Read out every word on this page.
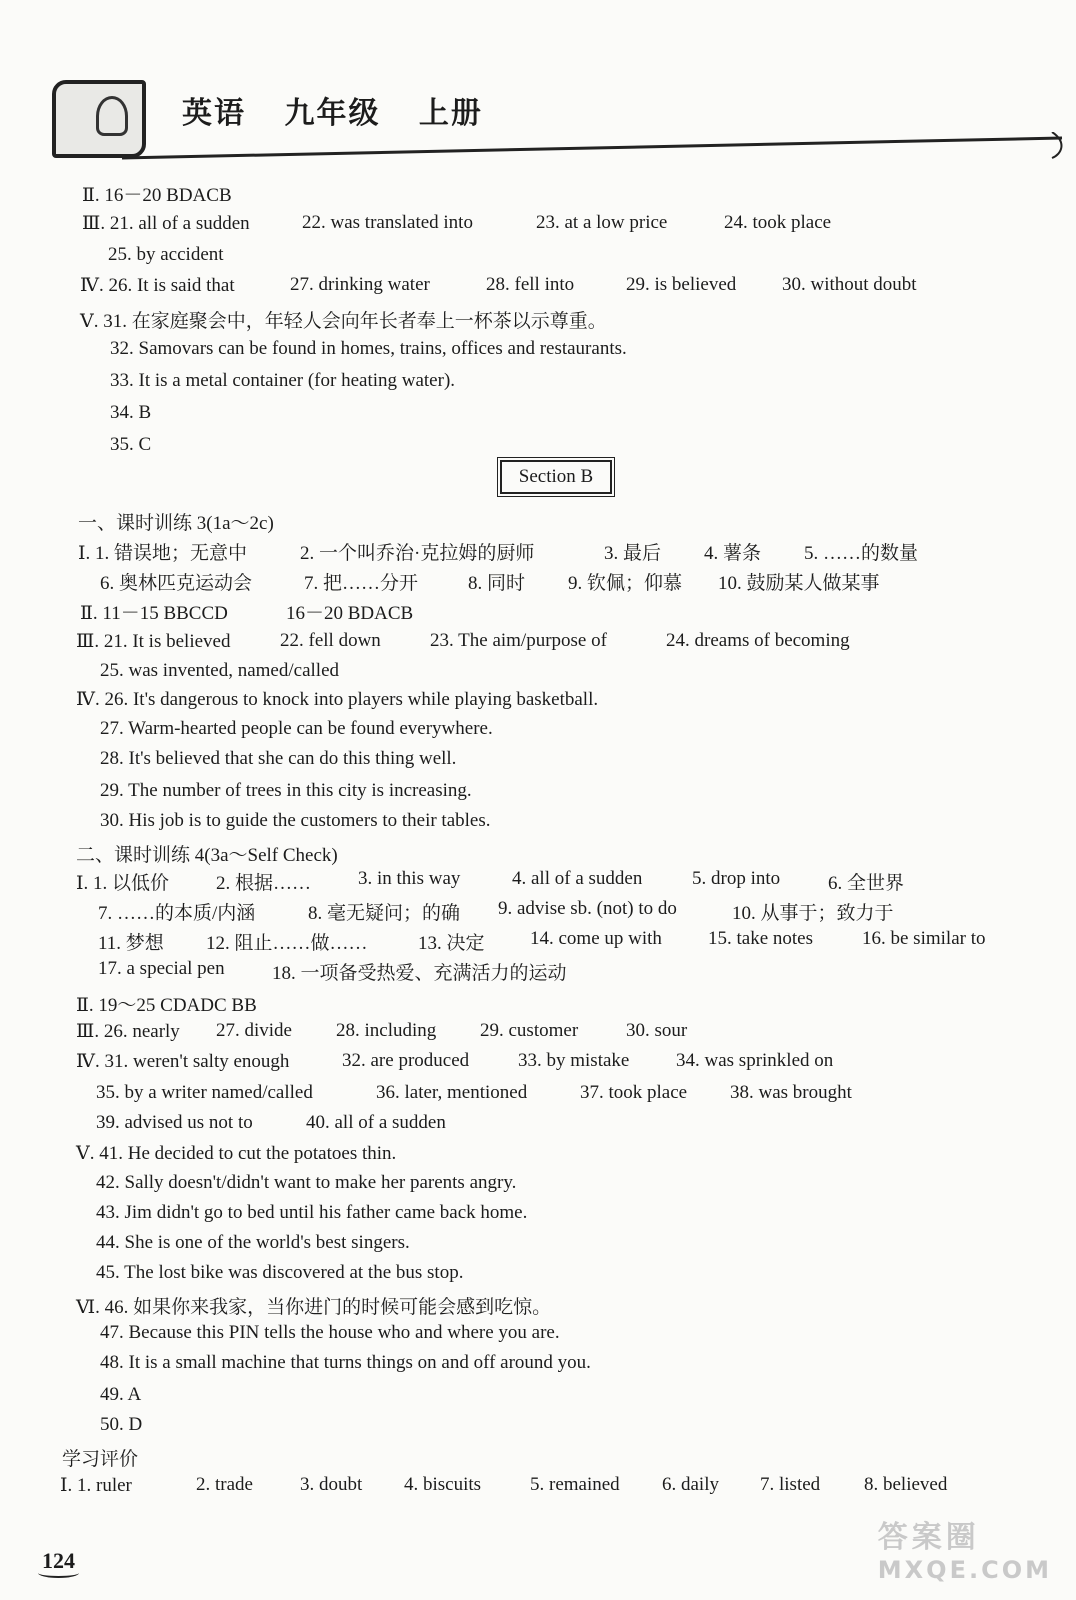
英语 九年级 上册
Section B
Ⅱ. 16－20 BDACB
Ⅲ. 21. all of a sudden	22. was translated into	23. at a low price	24. took place
25. by accident
Ⅳ. 26. It is said that	27. drinking water	28. fell into	29. is believed 30. without doubt
Ⅴ. 31. 在家庭聚会中，年轻人会向年长者奉上一杯茶以示尊重。
32. Samovars can be found in homes, trains, offices and restaurants.
33. It is a metal container (for heating water).
34. B
35. C
一、课时训练 3(1a～2c)
Ⅰ. 1. 错误地；无意中	2. 一个叫乔治·克拉姆的厨师	3. 最后 4. 薯条 5. ……的数量
6. 奥林匹克运动会	7. 把……分开	8. 同时 9. 钦佩；仰慕 10. 鼓励某人做某事
Ⅱ. 11－15 BBCCD	16－20 BDACB
Ⅲ. 21. It is believed	22. fell down	23. The aim/purpose of	24. dreams of becoming
25. was invented, named/called
Ⅳ. 26. It's dangerous to knock into players while playing basketball.
27. Warm-hearted people can be found everywhere.
28. It's believed that she can do this thing well.
29. The number of trees in this city is increasing.
30. His job is to guide the customers to their tables.
二、课时训练 4(3a～Self Check)
Ⅰ. 1. 以低价 2. 根据…… 3. in this way	4. all of a sudden	5. drop into	6. 全世界
7. ……的本质/内涵	8. 毫无疑问；的确 9. advise sb. (not) to do	10. 从事于；致力于
11. 梦想 12. 阻止……做……	13. 决定 14. come up with 15. take notes	16. be similar to
17. a special pen 18. 一项备受热爱、充满活力的运动
Ⅱ. 19～25 CDADC BB
Ⅲ. 26. nearly 27. divide 28. including 29. customer	30. sour
Ⅳ. 31. weren't salty enough	32. are produced	33. by mistake 34. was sprinkled on
35. by a writer named/called	36. later, mentioned	37. took place 38. was brought
39. advised us not to	40. all of a sudden
Ⅴ. 41. He decided to cut the potatoes thin.
42. Sally doesn't/didn't want to make her parents angry.
43. Jim didn't go to bed until his father came back home.
44. She is one of the world's best singers.
45. The lost bike was discovered at the bus stop.
Ⅵ. 46. 如果你来我家，当你进门的时候可能会感到吃惊。
47. Because this PIN tells the house who and where you are.
48. It is a small machine that turns things on and off around you.
49. A
50. D
学习评价
Ⅰ. 1. ruler	2. trade 3. doubt 4. biscuits	5. remained 6. daily 7. listed 8. believed
124
答案圈
MXQE.COM
